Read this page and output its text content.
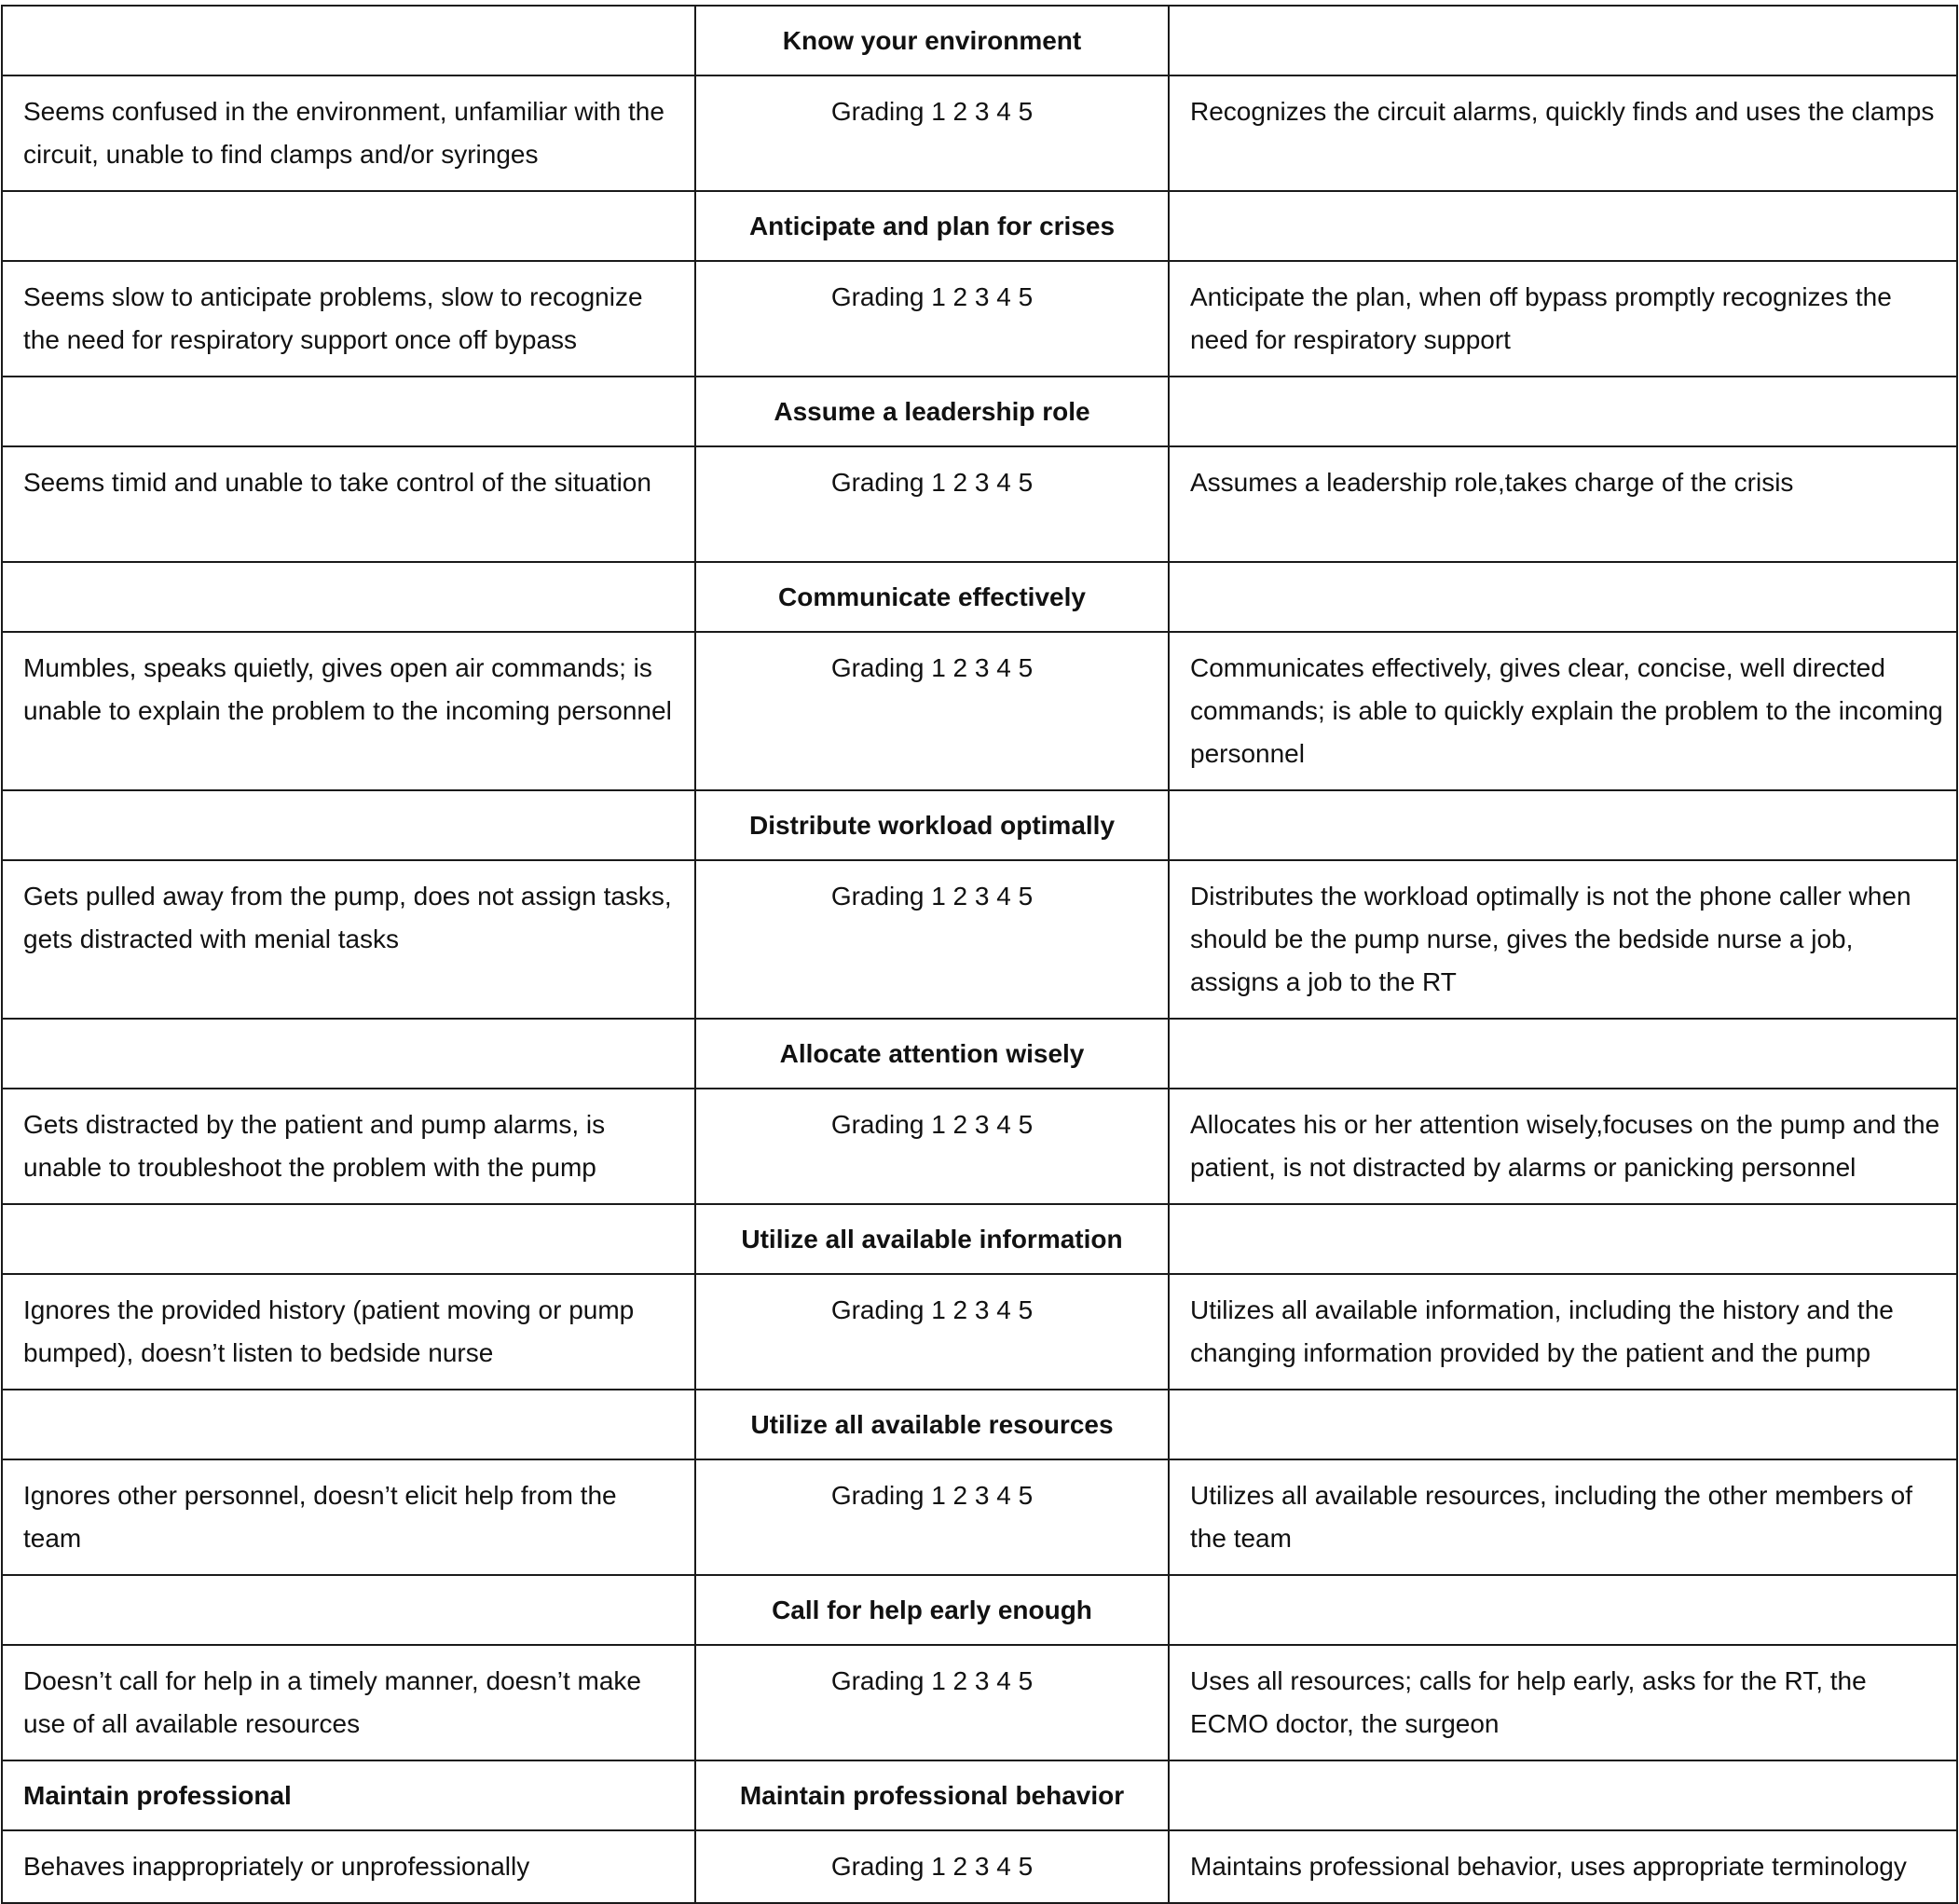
	Know your environment	
Seems confused in the environment, unfamiliar with the circuit, unable to find clamps and/or syringes	Grading 1 2 3 4 5	Recognizes the circuit alarms, quickly finds and uses the clamps
	Anticipate and plan for crises	
Seems slow to anticipate problems, slow to recognize the need for respiratory support once off bypass	Grading 1 2 3 4 5	Anticipate the plan, when off bypass promptly recognizes the need for respiratory support
	Assume a leadership role	
Seems timid and unable to take control of the situation	Grading 1 2 3 4 5	Assumes a leadership role,takes charge of the crisis
	Communicate effectively	
Mumbles, speaks quietly, gives open air commands; is unable to explain the problem to the incoming personnel	Grading 1 2 3 4 5	Communicates effectively, gives clear, concise, well directed commands; is able to quickly explain the problem to the incoming personnel
	Distribute workload optimally	
Gets pulled away from the pump, does not assign tasks, gets distracted with menial tasks	Grading 1 2 3 4 5	Distributes the workload optimally is not the phone caller when should be the pump nurse, gives the bedside nurse a job, assigns a job to the RT
	Allocate attention wisely	
Gets distracted by the patient and pump alarms, is unable to troubleshoot the problem with the pump	Grading 1 2 3 4 5	Allocates his or her attention wisely,focuses on the pump and the patient, is not distracted by alarms or panicking personnel
	Utilize all available information	
Ignores the provided history (patient moving or pump bumped), doesn’t listen to bedside nurse	Grading 1 2 3 4 5	Utilizes all available information, including the history and the changing information provided by the patient and the pump
	Utilize all available resources	
Ignores other personnel, doesn’t elicit help from the team	Grading 1 2 3 4 5	Utilizes all available resources, including the other members of the team
	Call for help early enough	
Doesn’t call for help in a timely manner, doesn’t make use of all available resources	Grading 1 2 3 4 5	Uses all resources; calls for help early, asks for the RT, the ECMO doctor, the surgeon
Maintain professional	Maintain professional behavior	
Behaves inappropriately or unprofessionally	Grading 1 2 3 4 5	Maintains professional behavior, uses appropriate terminology
